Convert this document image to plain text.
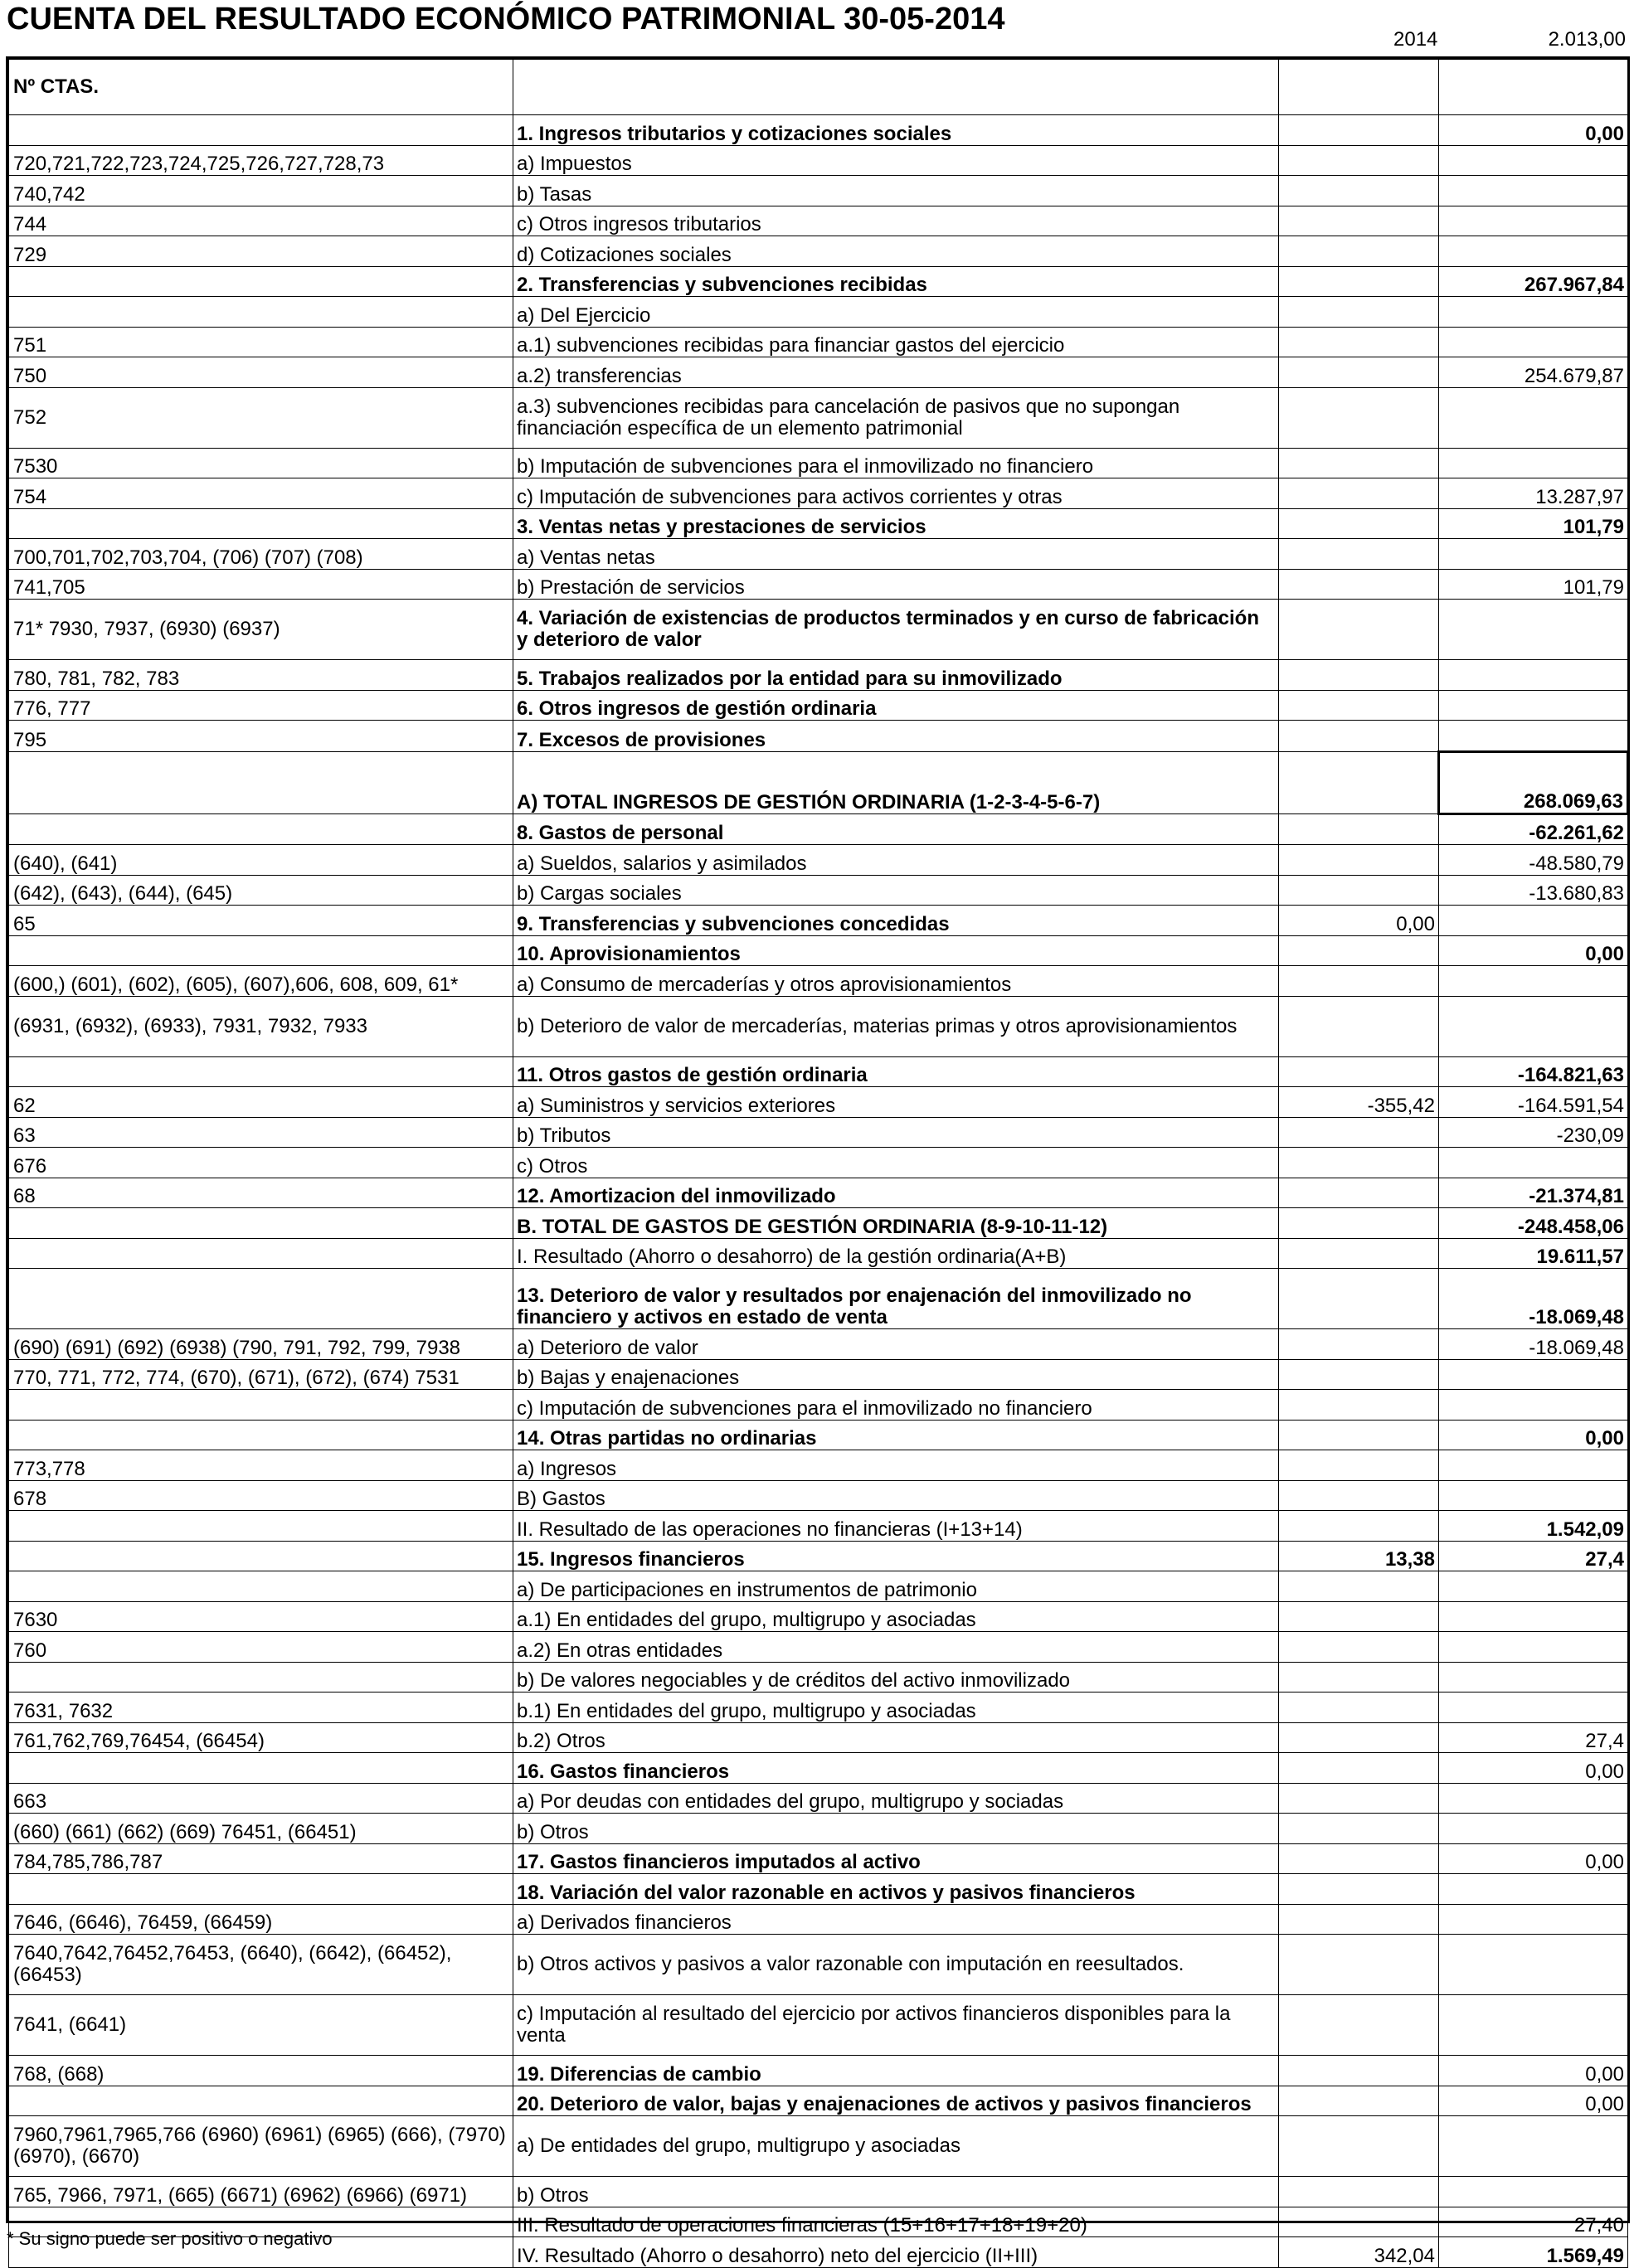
CUENTA DEL RESULTADO ECONÓMICO PATRIMONIAL 30-05-2014
2014	2.013,00
Nº CTAS.			
	1. Ingresos tributarios y cotizaciones sociales		0,00
720,721,722,723,724,725,726,727,728,73	a) Impuestos		
740,742	b) Tasas		
744	c) Otros ingresos tributarios		
729	d) Cotizaciones sociales		
	2. Transferencias y subvenciones recibidas		267.967,84
	a) Del Ejercicio		
751	a.1) subvenciones recibidas para financiar gastos del ejercicio		
750	a.2) transferencias		254.679,87
752	a.3) subvenciones recibidas para cancelación de pasivos que no supongan financiación específica de un elemento patrimonial		
7530	b) Imputación de subvenciones para el inmovilizado no financiero		
754	c) Imputación de subvenciones para activos corrientes y otras		13.287,97
	3. Ventas netas y prestaciones de servicios		101,79
700,701,702,703,704, (706) (707) (708)	a) Ventas netas		
741,705	b) Prestación de servicios		101,79
71* 7930, 7937, (6930) (6937)	4. Variación de existencias de productos terminados y en curso de fabricación y deterioro de valor		
780, 781, 782, 783	5. Trabajos realizados por la entidad para su inmovilizado		
776, 777	6. Otros ingresos de gestión ordinaria		
795	7. Excesos de provisiones		
	A) TOTAL INGRESOS DE GESTIÓN ORDINARIA (1-2-3-4-5-6-7)		268.069,63
	8. Gastos de personal		-62.261,62
(640), (641)	a) Sueldos, salarios y asimilados		-48.580,79
(642), (643), (644), (645)	b) Cargas sociales		-13.680,83
65	9. Transferencias y subvenciones concedidas	0,00	
	10. Aprovisionamientos		0,00
(600,) (601), (602), (605), (607),606, 608, 609, 61*	a) Consumo de mercaderías y otros aprovisionamientos		
(6931, (6932), (6933), 7931, 7932, 7933	b) Deterioro de valor de mercaderías, materias primas y otros aprovisionamientos		
	11. Otros gastos de gestión ordinaria		-164.821,63
62	a) Suministros y servicios exteriores	-355,42	-164.591,54
63	b) Tributos		-230,09
676	c) Otros		
68	12. Amortizacion del inmovilizado		-21.374,81
	B. TOTAL DE GASTOS DE GESTIÓN ORDINARIA (8-9-10-11-12)		-248.458,06
	I. Resultado (Ahorro o desahorro) de la gestión ordinaria(A+B)		19.611,57
	13. Deterioro de valor y resultados por enajenación del inmovilizado no financiero y activos en estado de venta		-18.069,48
(690) (691) (692) (6938) (790, 791, 792, 799, 7938	a) Deterioro de valor		-18.069,48
770, 771, 772, 774, (670), (671), (672), (674) 7531	b) Bajas y enajenaciones		
	c) Imputación de subvenciones para el inmovilizado no financiero		
	14. Otras partidas no ordinarias		0,00
773,778	a) Ingresos		
678	B) Gastos		
	II. Resultado de las operaciones no financieras (I+13+14)		1.542,09
	15. Ingresos financieros	13,38	27,4
	a) De participaciones en instrumentos de patrimonio		
7630	a.1) En entidades del grupo, multigrupo y asociadas		
760	a.2) En otras entidades		
	b) De valores negociables y de créditos del activo inmovilizado		
7631, 7632	b.1) En entidades del grupo, multigrupo y asociadas		
761,762,769,76454, (66454)	b.2) Otros		27,4
	16. Gastos financieros		0,00
663	a) Por deudas con entidades del grupo, multigrupo y sociadas		
(660) (661) (662) (669) 76451, (66451)	b) Otros		
784,785,786,787	17. Gastos financieros imputados al activo		0,00
	18. Variación del valor razonable en activos y pasivos financieros		
7646, (6646), 76459, (66459)	a) Derivados financieros		
7640,7642,76452,76453, (6640), (6642), (66452), (66453)	b) Otros activos y pasivos a valor razonable con imputación en reesultados.		
7641, (6641)	c) Imputación al resultado del ejercicio por activos financieros disponibles para la venta		
768, (668)	19. Diferencias de cambio		0,00
	20. Deterioro de valor, bajas y enajenaciones de activos y pasivos financieros		0,00
7960,7961,7965,766 (6960) (6961) (6965) (666), (7970) (6970), (6670)	a) De entidades del grupo, multigrupo y asociadas		
765, 7966, 7971, (665) (6671) (6962) (6966) (6971)	b) Otros		
	III. Resultado de operaciones financieras (15+16+17+18+19+20)		27,40
	IV. Resultado (Ahorro o desahorro) neto del ejercicio (II+III)	342,04	1.569,49
* Su signo puede ser positivo o negativo
